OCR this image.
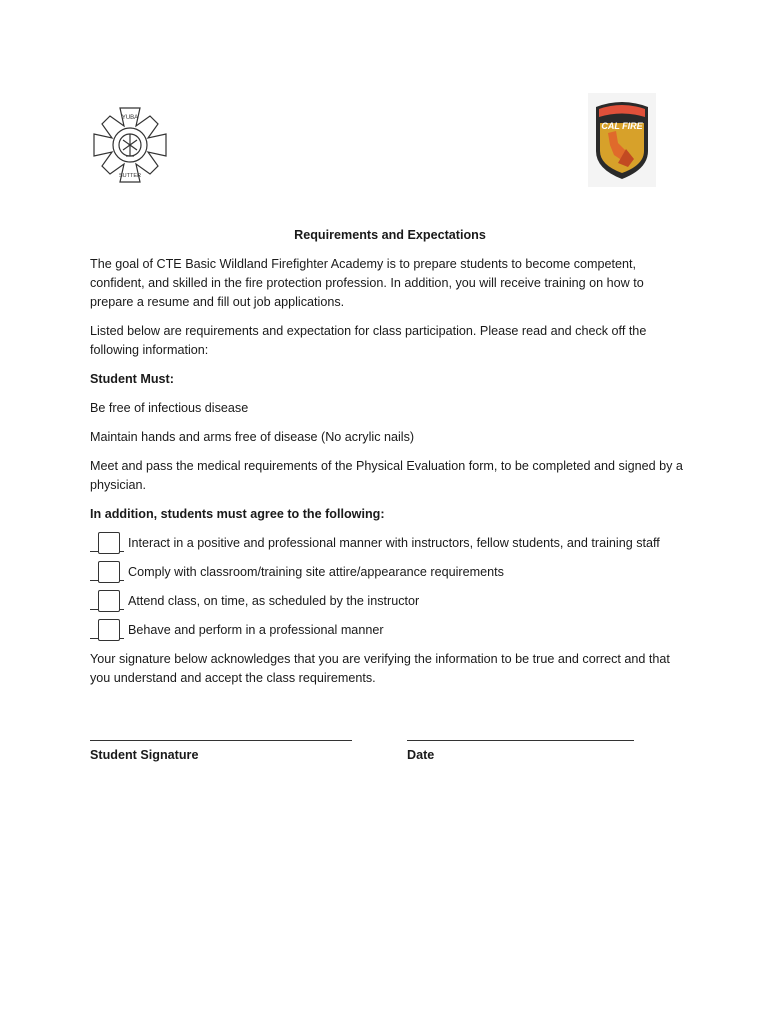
YUBA
SUTTER
CAL FIRE

Requirements and Expectations

The goal of CTE Basic Wildland Firefighter Academy is to prepare students to become competent, confident, and skilled in the fire protection profession. In addition, you will receive training on how to prepare a resume and fill out job applications.

Listed below are requirements and expectation for class participation. Please read and check off the following information:

Student Must:

Be free of infectious disease

Maintain hands and arms free of disease (No acrylic nails)

Meet and pass the medical requirements of the Physical Evaluation form, to be completed and signed by a physician.

In addition, students must agree to the following:

Interact in a positive and professional manner with instructors, fellow students, and training staff
Comply with classroom/training site attire/appearance requirements
Attend class, on time, as scheduled by the instructor
Behave and perform in a professional manner

Your signature below acknowledges that you are verifying the information to be true and correct and that you understand and accept the class requirements.

Student Signature	Date
